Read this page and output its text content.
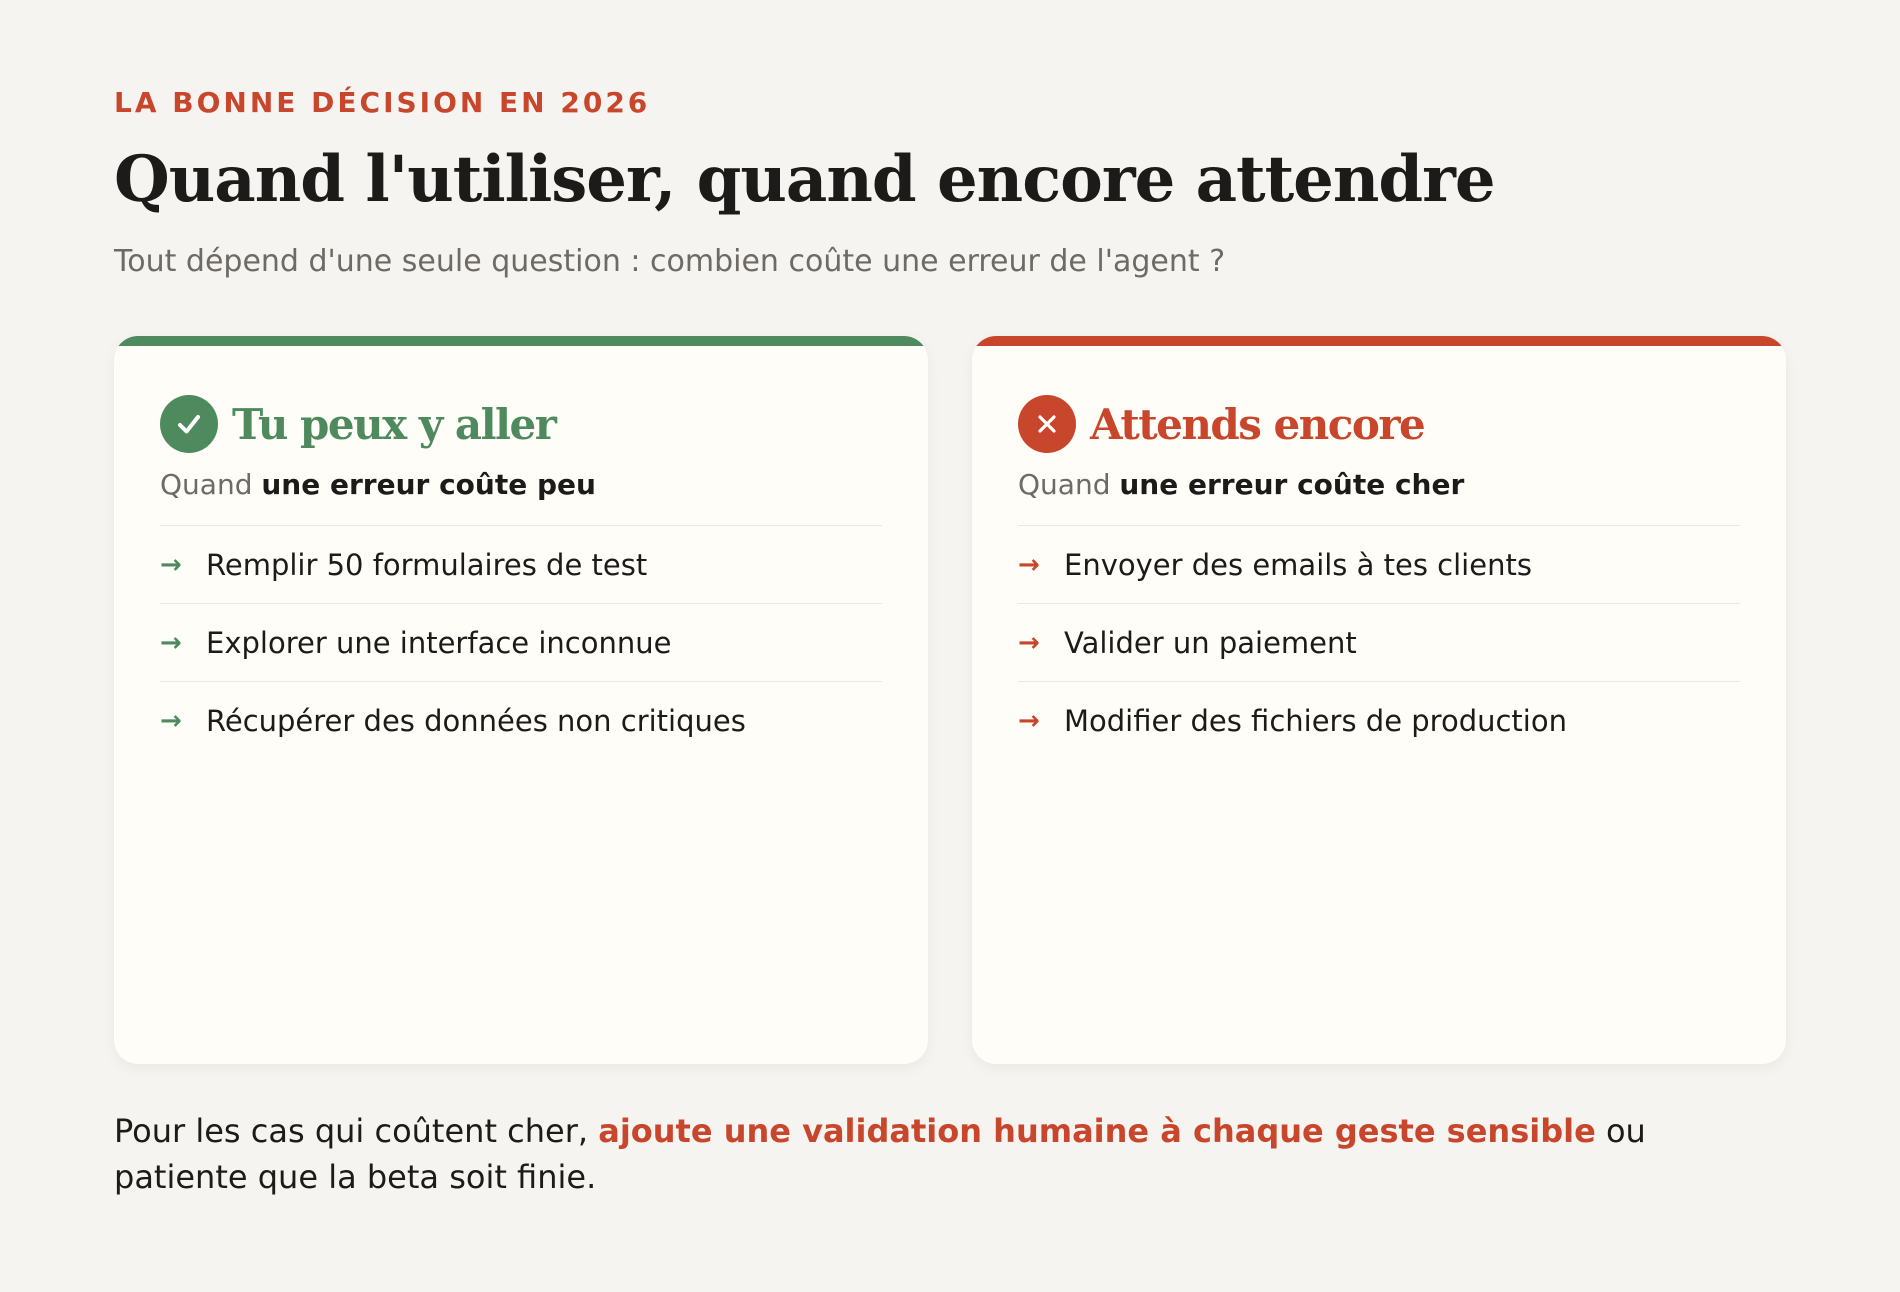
LA BONNE DÉCISION EN 2026
Quand l'utiliser, quand encore attendre

Tout dépend d'une seule question : combien coûte une erreur de l'agent ?

Tu peux y aller

Quand une erreur coûte peu

→ Remplir 50 formulaires de test
→ Explorer une interface inconnue
→ Récupérer des données non critiques
Attends encore

Quand une erreur coûte cher

→ Envoyer des emails à tes clients
→ Valider un paiement
→ Modifier des fichiers de production

Pour les cas qui coûtent cher, ajoute une validation humaine à chaque geste sensible ou patiente que la beta soit finie.
